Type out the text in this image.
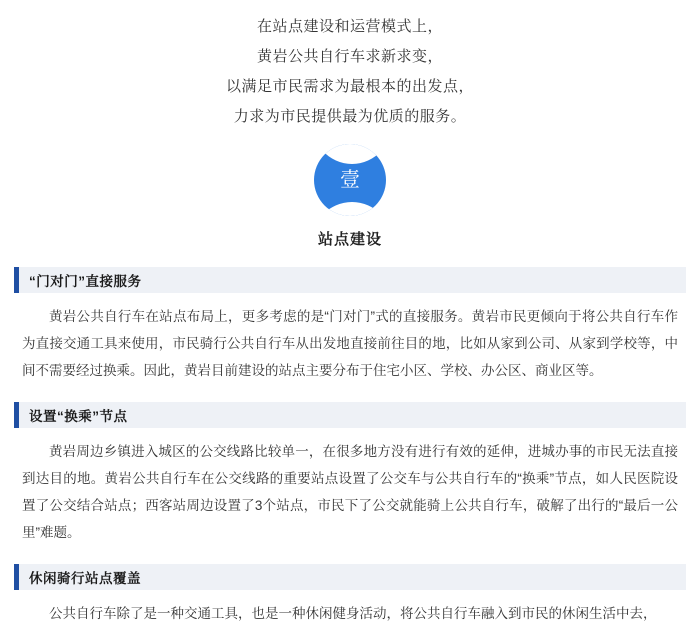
在站点建设和运营模式上，
黄岩公共自行车求新求变，
以满足市民需求为最根本的出发点，
力求为市民提供最为优质的服务。
壹
站点建设
“门对门”直接服务
黄岩公共自行车在站点布局上，更多考虑的是“门对门”式的直接服务。黄岩市民更倾向于将公共自行车作为直接交通工具来使用，市民骑行公共自行车从出发地直接前往目的地，比如从家到公司、从家到学校等，中间不需要经过换乘。因此，黄岩目前建设的站点主要分布于住宅小区、学校、办公区、商业区等。
设置“换乘”节点
黄岩周边乡镇进入城区的公交线路比较单一，在很多地方没有进行有效的延伸，进城办事的市民无法直接到达目的地。黄岩公共自行车在公交线路的重要站点设置了公交车与公共自行车的“换乘”节点，如人民医院设置了公交结合站点；西客站周边设置了3个站点，市民下了公交就能骑上公共自行车，破解了出行的“最后一公里”难题。
休闲骑行站点覆盖
公共自行车除了是一种交通工具，也是一种休闲健身活动，将公共自行车融入到市民的休闲生活中去，
